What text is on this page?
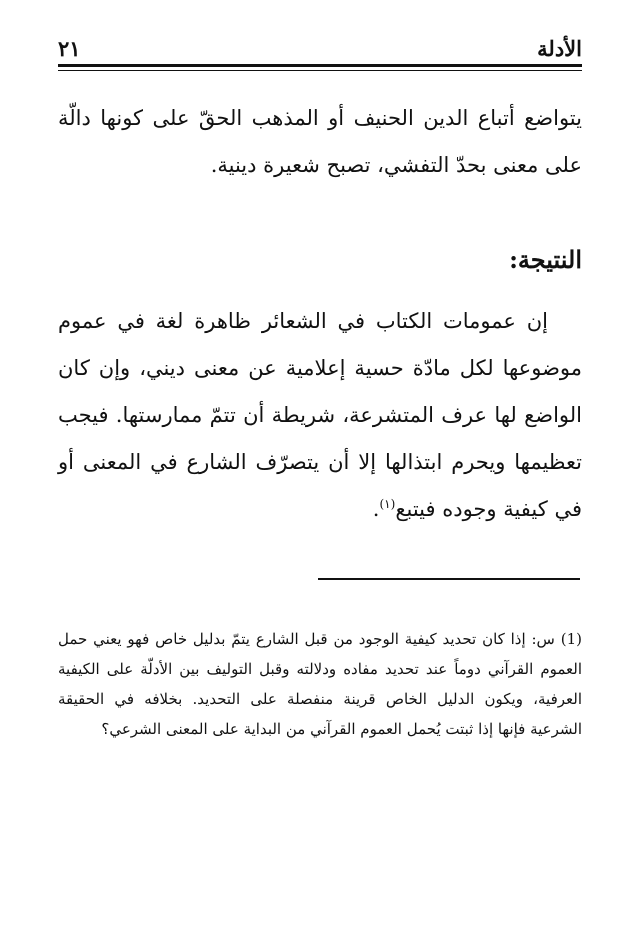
الأدلة
٢١

يتواضع أتباع الدين الحنيف أو المذهب الحقّ على كونها دالّة على معنى بحدّ التفشي، تصبح شعيرة دينية.

النتيجة:

إن عمومات الكتاب في الشعائر ظاهرة لغة في عموم موضوعها لكل مادّة حسية إعلامية عن معنى ديني، وإن كان الواضع لها عرف المتشرعة، شريطة أن تتمّ ممارستها. فيجب تعظيمها ويحرم ابتذالها إلا أن يتصرّف الشارع في المعنى أو في كيفية وجوده فيتبع$^{(١)}$.

(1) س: إذا كان تحديد كيفية الوجود من قبل الشارع يتمّ بدليل خاص فهو يعني حمل العموم القرآني دوماً عند تحديد مفاده ودلالته وقبل التوليف بين الأدلّة على الكيفية العرفية، ويكون الدليل الخاص قرينة منفصلة على التحديد. بخلافه في الحقيقة الشرعية فإنها إذا ثبتت يُحمل العموم القرآني من البداية على المعنى الشرعي؟
